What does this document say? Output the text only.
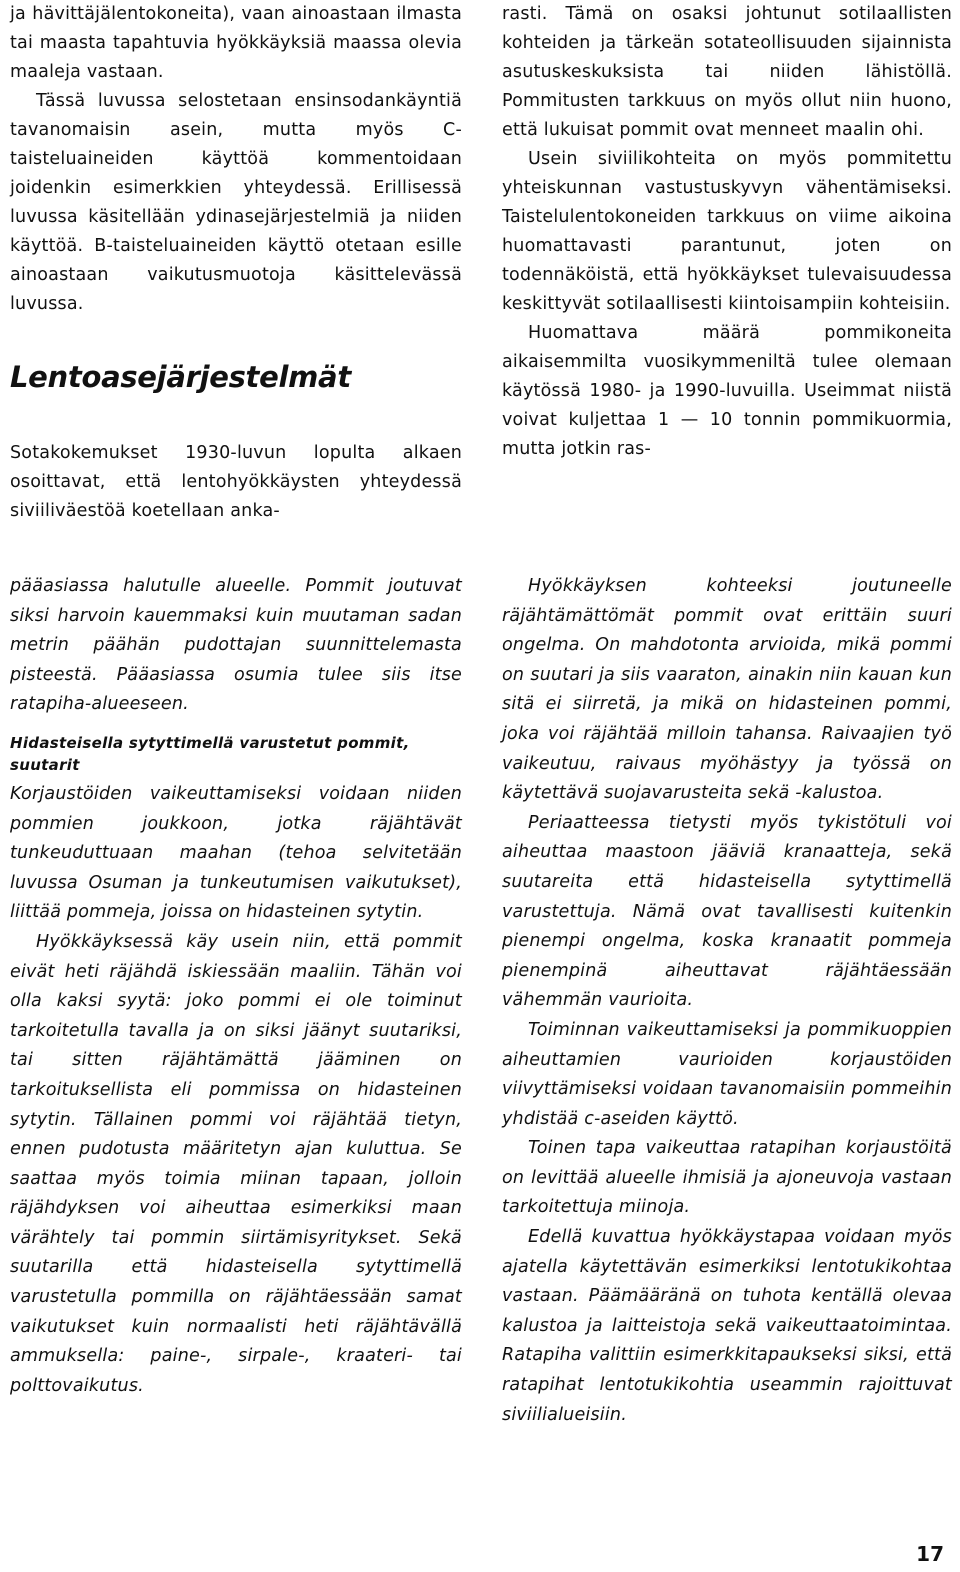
ja hävittäjälentokoneita), vaan ainoastaan ilmasta tai maasta tapahtuvia hyökkäyksiä maassa olevia maaleja vastaan.

Tässä luvussa selostetaan ensinsodankäyntiä tavanomaisin asein, mutta myös C-taisteluaineiden käyttöä kommentoidaan joidenkin esimerkkien yhteydessä. Erillisessä luvussa käsitellään ydinasejärjestelmiä ja niiden käyttöä. B-taisteluaineiden käyttö otetaan esille ainoastaan vaikutusmuotoja käsittelevässä luvussa.

Lentoasejärjestelmät

Sotakokemukset 1930-luvun lopulta alkaen osoittavat, että lentohyökkäysten yhteydessä siviiliväestöä koetellaan anka-

rasti. Tämä on osaksi johtunut sotilaallisten kohteiden ja tärkeän sotateollisuuden sijainnista asutuskeskuksista tai niiden lähistöllä. Pommitusten tarkkuus on myös ollut niin huono, että lukuisat pommit ovat menneet maalin ohi.

Usein siviilikohteita on myös pommitettu yhteiskunnan vastustuskyvyn vähentämiseksi. Taistelulentokoneiden tarkkuus on viime aikoina huomattavasti parantunut, joten on todennäköistä, että hyökkäykset tulevaisuudessa keskittyvät sotilaallisesti kiintoisampiin kohteisiin.

Huomattava määrä pommikoneita aikaisemmilta vuosikymmeniltä tulee olemaan käytössä 1980- ja 1990-luvuilla. Useimmat niistä voivat kuljettaa 1 — 10 tonnin pommikuormia, mutta jotkin ras-

pääasiassa halutulle alueelle. Pommit joutuvat siksi harvoin kauemmaksi kuin muutaman sadan metrin päähän pudottajan suunnittelemasta pisteestä. Pääasiassa osumia tulee siis itse ratapiha-alueeseen.

Hidasteisella sytyttimellä varustetut pommit, suutarit

Korjaustöiden vaikeuttamiseksi voidaan niiden pommien joukkoon, jotka räjähtävät tunkeuduttuaan maahan (tehoa selvitetään luvussa Osuman ja tunkeutumisen vaikutukset), liittää pommeja, joissa on hidasteinen sytytin.

Hyökkäyksessä käy usein niin, että pommit eivät heti räjähdä iskiessään maaliin. Tähän voi olla kaksi syytä: joko pommi ei ole toiminut tarkoitetulla tavalla ja on siksi jäänyt suutariksi, tai sitten räjähtämättä jääminen on tarkoituksellista eli pommissa on hidasteinen sytytin. Tällainen pommi voi räjähtää tietyn, ennen pudotusta määritetyn ajan kuluttua. Se saattaa myös toimia miinan tapaan, jolloin räjähdyksen voi aiheuttaa esimerkiksi maan värähtely tai pommin siirtämisyritykset. Sekä suutarilla että hidasteisella sytyttimellä varustetulla pommilla on räjähtäessään samat vaikutukset kuin normaalisti heti räjähtävällä ammuksella: paine-, sirpale-, kraateri- tai polttovaikutus.

Hyökkäyksen kohteeksi joutuneelle räjähtämättömät pommit ovat erittäin suuri ongelma. On mahdotonta arvioida, mikä pommi on suutari ja siis vaaraton, ainakin niin kauan kun sitä ei siirretä, ja mikä on hidasteinen pommi, joka voi räjähtää milloin tahansa. Raivaajien työ vaikeutuu, raivaus myöhästyy ja työssä on käytettävä suojavarusteita sekä -kalustoa.

Periaatteessa tietysti myös tykistötuli voi aiheuttaa maastoon jääviä kranaatteja, sekä suutareita että hidasteisella sytyttimellä varustettuja. Nämä ovat tavallisesti kuitenkin pienempi ongelma, koska kranaatit pommeja pienempinä aiheuttavat räjähtäessään vähemmän vaurioita.

Toiminnan vaikeuttamiseksi ja pommikuoppien aiheuttamien vaurioiden korjaustöiden viivyttämiseksi voidaan tavanomaisiin pommeihin yhdistää c-aseiden käyttö.

Toinen tapa vaikeuttaa ratapihan korjaustöitä on levittää alueelle ihmisiä ja ajoneuvoja vastaan tarkoitettuja miinoja.

Edellä kuvattua hyökkäystapaa voidaan myös ajatella käytettävän esimerkiksi lentotukikohtaa vastaan. Päämääränä on tuhota kentällä olevaa kalustoa ja laitteistoja sekä vaikeuttaatoimintaa. Ratapiha valittiin esimerkkitapaukseksi siksi, että ratapihat lentotukikohtia useammin rajoittuvat siviilialueisiin.

17
